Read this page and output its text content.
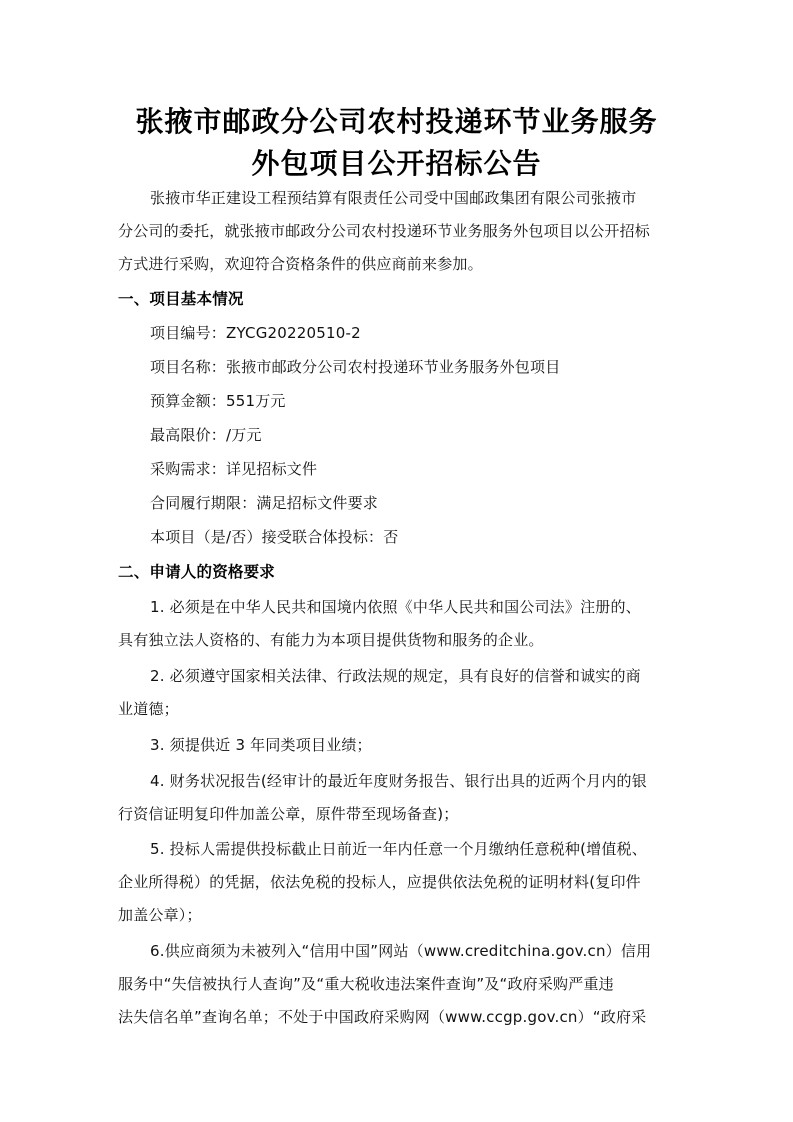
张掖市邮政分公司农村投递环节业务服务
外包项目公开招标公告
张掖市华正建设工程预结算有限责任公司受中国邮政集团有限公司张掖市
分公司的委托，就张掖市邮政分公司农村投递环节业务服务外包项目以公开招标
方式进行采购，欢迎符合资格条件的供应商前来参加。
一、项目基本情况
项目编号：ZYCG20220510-2
项目名称：张掖市邮政分公司农村投递环节业务服务外包项目
预算金额：551万元
最高限价：/万元
采购需求：详见招标文件
合同履行期限：满足招标文件要求
本项目（是/否）接受联合体投标：否
二、申请人的资格要求
1. 必须是在中华人民共和国境内依照《中华人民共和国公司法》注册的、
具有独立法人资格的、有能力为本项目提供货物和服务的企业。
2. 必须遵守国家相关法律、行政法规的规定，具有良好的信誉和诚实的商
业道德；
3. 须提供近 3 年同类项目业绩；
4. 财务状况报告(经审计的最近年度财务报告、银行出具的近两个月内的银
行资信证明复印件加盖公章，原件带至现场备查)；
5. 投标人需提供投标截止日前近一年内任意一个月缴纳任意税种(增值税、
企业所得税）的凭据，依法免税的投标人，应提供依法免税的证明材料(复印件
加盖公章）；
6.供应商须为未被列入“信用中国”网站（www.creditchina.gov.cn）信用
服务中“失信被执行人查询”及“重大税收违法案件查询”及“政府采购严重违
法失信名单”查询名单；不处于中国政府采购网（www.ccgp.gov.cn）“政府采
